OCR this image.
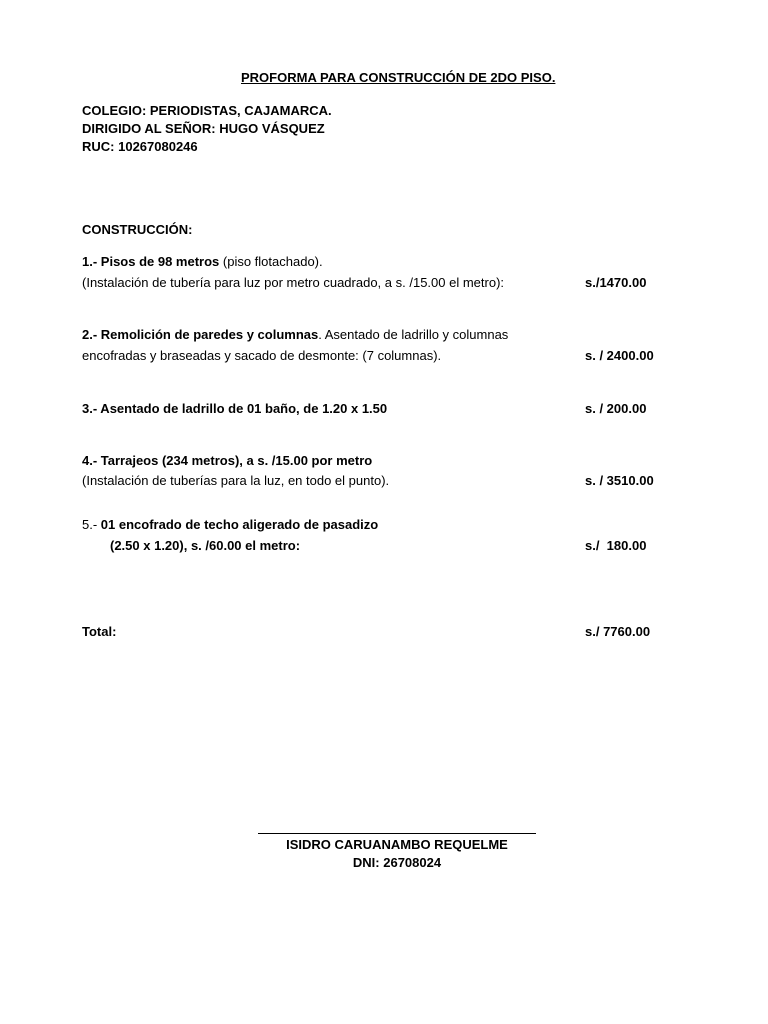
PROFORMA PARA CONSTRUCCIÓN DE 2DO PISO.
COLEGIO: PERIODISTAS, CAJAMARCA.
DIRIGIDO AL SEÑOR: HUGO VÁSQUEZ
RUC: 10267080246
CONSTRUCCIÓN:
1.- Pisos de 98 metros (piso flotachado).
(Instalación de tubería para luz por metro cuadrado, a s. /15.00 el metro):	s./1470.00
2.- Remolición de paredes y columnas. Asentado de ladrillo y columnas
encofradas y braseadas y sacado de desmonte: (7 columnas).	s. / 2400.00
3.- Asentado de ladrillo de 01 baño, de 1.20 x 1.50	s. / 200.00
4.- Tarrajeos (234 metros), a s. /15.00 por metro
(Instalación de tuberías para la luz, en todo el punto).	s. / 3510.00
5.- 01 encofrado de techo aligerado de pasadizo
(2.50 x 1.20), s. /60.00 el metro:	s./  180.00
Total:	s./ 7760.00
ISIDRO CARUANAMBO REQUELME
DNI: 26708024
